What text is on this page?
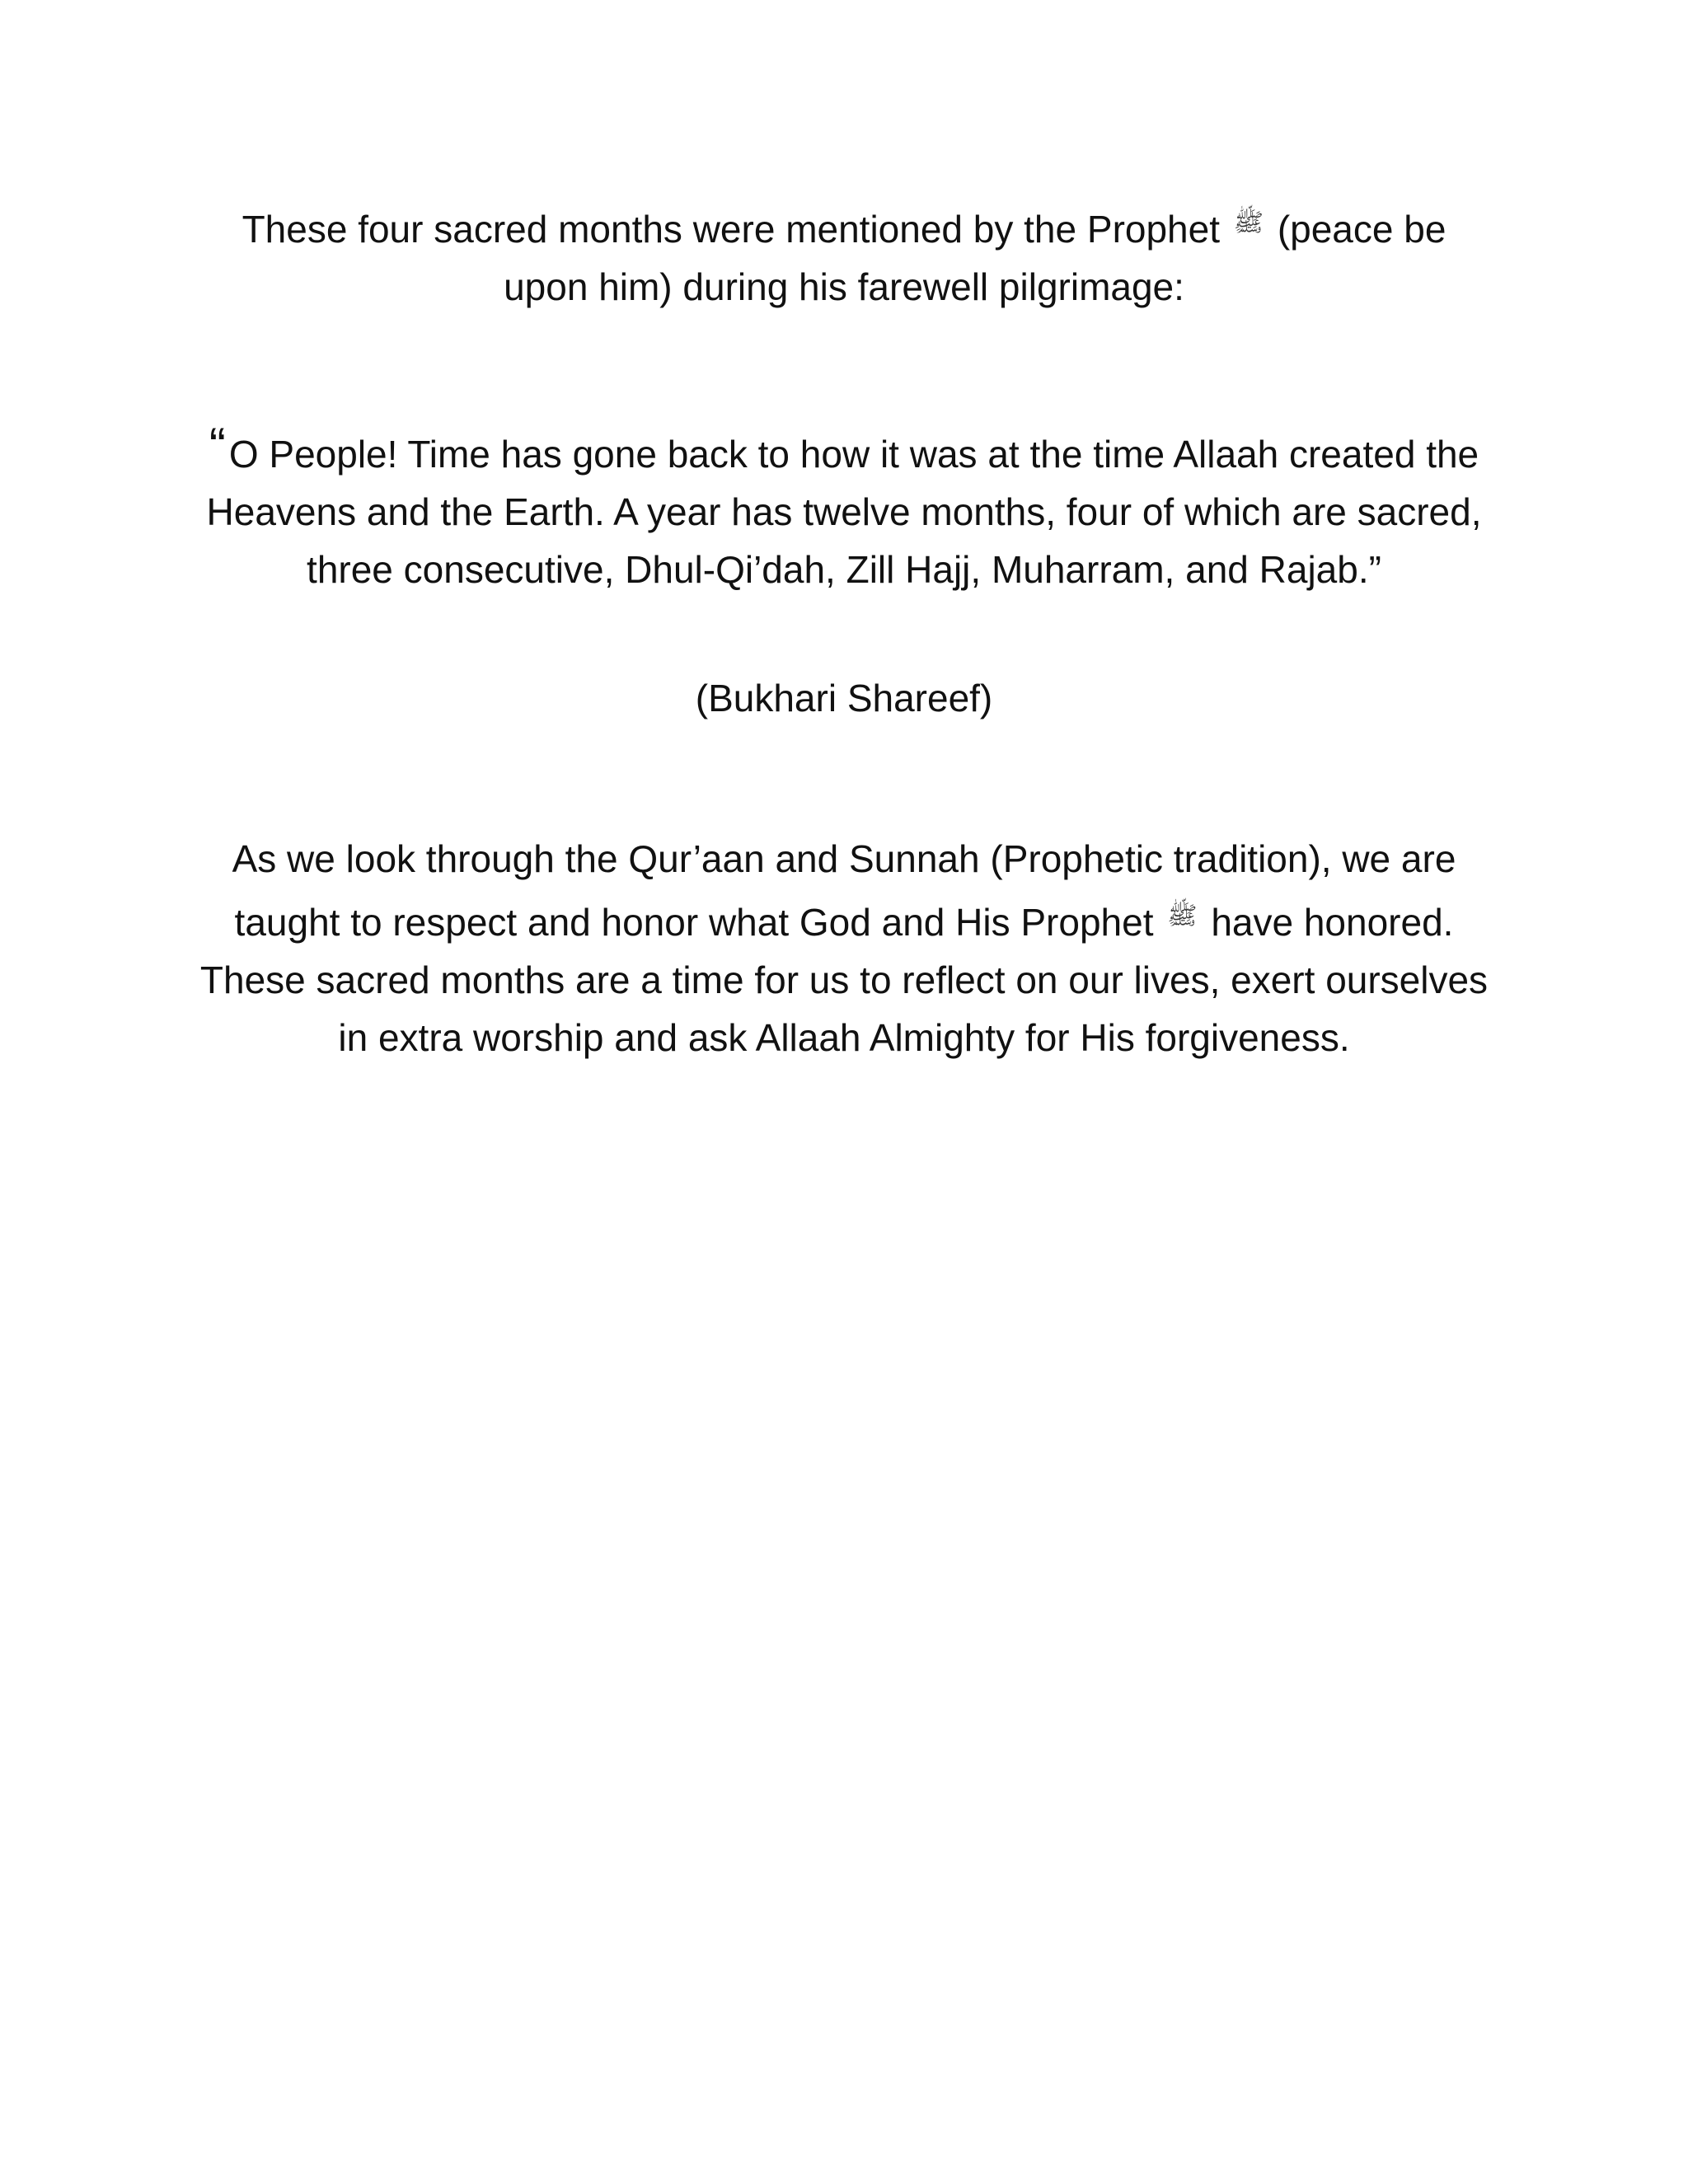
These four sacred months were mentioned by the Prophet ﷺ (peace be upon him) during his farewell pilgrimage:

“O People! Time has gone back to how it was at the time Allaah created the Heavens and the Earth. A year has twelve months, four of which are sacred, three consecutive, Dhul-Qi’dah, Zill Hajj, Muharram, and Rajab.”

(Bukhari Shareef)

As we look through the Qur’aan and Sunnah (Prophetic tradition), we are taught to respect and honor what God and His Prophet ﷺ have honored. These sacred months are a time for us to reflect on our lives, exert ourselves in extra worship and ask Allaah Almighty for His forgiveness.
